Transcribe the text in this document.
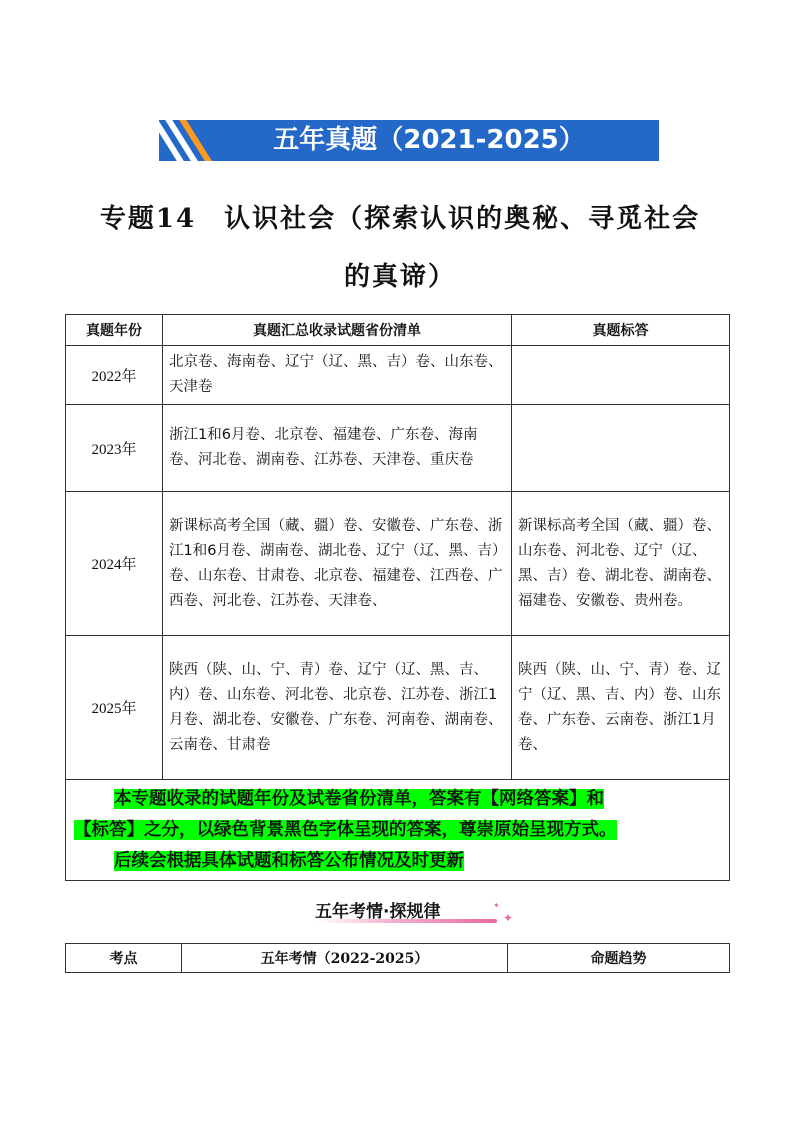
五年真题（2021-2025）
专题14　认识社会（探索认识的奥秘、寻觅社会
的真谛）
真题年份	真题汇总收录试题省份清单	真题标答
2022年	北京卷、海南卷、辽宁（辽、黑、吉）卷、山东卷、天津卷	
2023年	浙江1和6月卷、北京卷、福建卷、广东卷、海南卷、河北卷、湖南卷、江苏卷、天津卷、重庆卷	
2024年	新课标高考全国（藏、疆）卷、安徽卷、广东卷、浙江1和6月卷、湖南卷、湖北卷、辽宁（辽、黑、吉）卷、山东卷、甘肃卷、北京卷、福建卷、江西卷、广西卷、河北卷、江苏卷、天津卷、	新课标高考全国（藏、疆）卷、山东卷、河北卷、辽宁（辽、黑、吉）卷、湖北卷、湖南卷、福建卷、安徽卷、贵州卷。
2025年	陕西（陕、山、宁、青）卷、辽宁（辽、黑、吉、内）卷、山东卷、河北卷、北京卷、江苏卷、浙江1月卷、湖北卷、安徽卷、广东卷、河南卷、湖南卷、云南卷、甘肃卷	陕西（陕、山、宁、青）卷、辽宁（辽、黑、吉、内）卷、山东卷、广东卷、云南卷、浙江1月卷、

本专题收录的试题年份及试卷省份清单，答案有【网络答案】和
【标答】之分，以绿色背景黑色字体呈现的答案，尊崇原始呈现方式。
后续会根据具体试题和标答公布情况及时更新		
五年考情·探规律	✦
✦
考点	五年考情（2022-2025）	命题趋势
